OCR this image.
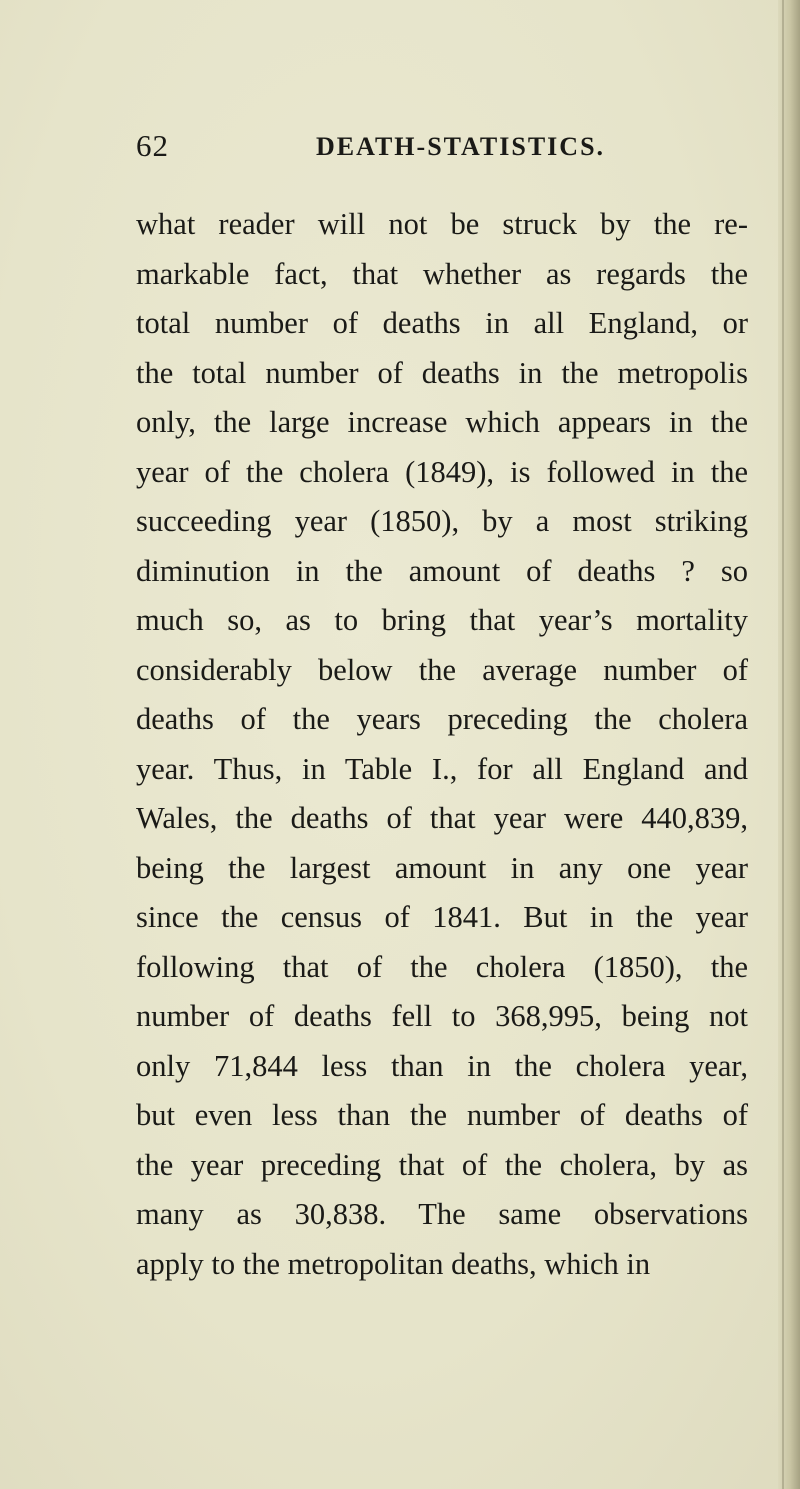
62	DEATH-STATISTICS.
what reader will not be struck by the re-
markable fact, that whether as regards the
total number of deaths in all England, or
the total number of deaths in the metropolis
only, the large increase which appears in the
year of the cholera (1849), is followed in the
succeeding year (1850), by a most striking
diminution in the amount of deaths ? so
much so, as to bring that year’s mortality
considerably below the average number of
deaths of the years preceding the cholera
year. Thus, in Table I., for all England and
Wales, the deaths of that year were 440,839,
being the largest amount in any one year
since the census of 1841. But in the year
following that of the cholera (1850), the
number of deaths fell to 368,995, being not
only 71,844 less than in the cholera year,
but even less than the number of deaths of
the year preceding that of the cholera, by as
many as 30,838. The same observations
apply to the metropolitan deaths, which in
